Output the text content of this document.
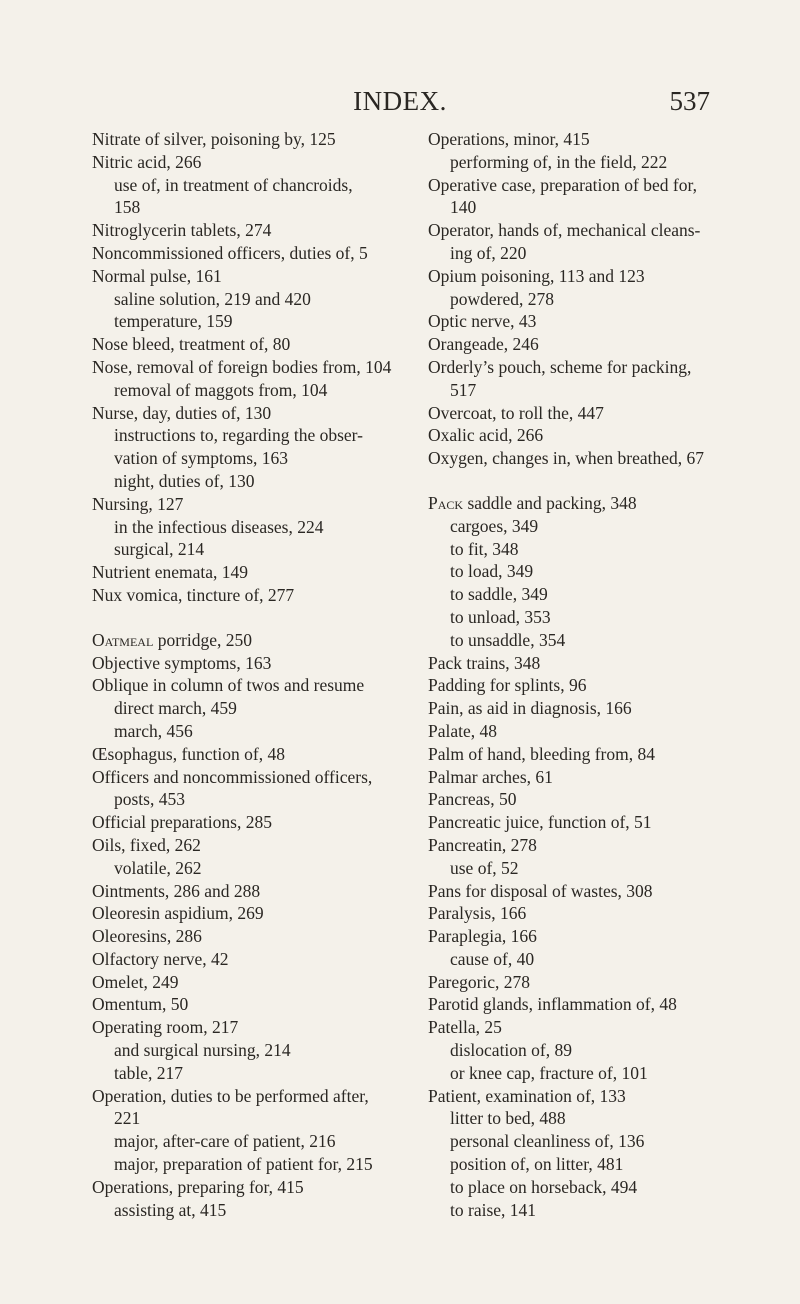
INDEX.	537
Nitrate of silver, poisoning by, 125
Nitric acid, 266
use of, in treatment of chancroids,
158
Nitroglycerin tablets, 274
Noncommissioned officers, duties of, 5
Normal pulse, 161
saline solution, 219 and 420
temperature, 159
Nose bleed, treatment of, 80
Nose, removal of foreign bodies from, 104
removal of maggots from, 104
Nurse, day, duties of, 130
instructions to, regarding the obser-
vation of symptoms, 163
night, duties of, 130
Nursing, 127
in the infectious diseases, 224
surgical, 214
Nutrient enemata, 149
Nux vomica, tincture of, 277
Oatmeal porridge, 250
Objective symptoms, 163
Oblique in column of twos and resume
direct march, 459
march, 456
Œsophagus, function of, 48
Officers and noncommissioned officers,
posts, 453
Official preparations, 285
Oils, fixed, 262
volatile, 262
Ointments, 286 and 288
Oleoresin aspidium, 269
Oleoresins, 286
Olfactory nerve, 42
Omelet, 249
Omentum, 50
Operating room, 217
and surgical nursing, 214
table, 217
Operation, duties to be performed after,
221
major, after-care of patient, 216
major, preparation of patient for, 215
Operations, preparing for, 415
assisting at, 415
Operations, minor, 415
performing of, in the field, 222
Operative case, preparation of bed for,
140
Operator, hands of, mechanical cleans-
ing of, 220
Opium poisoning, 113 and 123
powdered, 278
Optic nerve, 43
Orangeade, 246
Orderly’s pouch, scheme for packing,
517
Overcoat, to roll the, 447
Oxalic acid, 266
Oxygen, changes in, when breathed, 67
Pack saddle and packing, 348
cargoes, 349
to fit, 348
to load, 349
to saddle, 349
to unload, 353
to unsaddle, 354
Pack trains, 348
Padding for splints, 96
Pain, as aid in diagnosis, 166
Palate, 48
Palm of hand, bleeding from, 84
Palmar arches, 61
Pancreas, 50
Pancreatic juice, function of, 51
Pancreatin, 278
use of, 52
Pans for disposal of wastes, 308
Paralysis, 166
Paraplegia, 166
cause of, 40
Paregoric, 278
Parotid glands, inflammation of, 48
Patella, 25
dislocation of, 89
or knee cap, fracture of, 101
Patient, examination of, 133
litter to bed, 488
personal cleanliness of, 136
position of, on litter, 481
to place on horseback, 494
to raise, 141
